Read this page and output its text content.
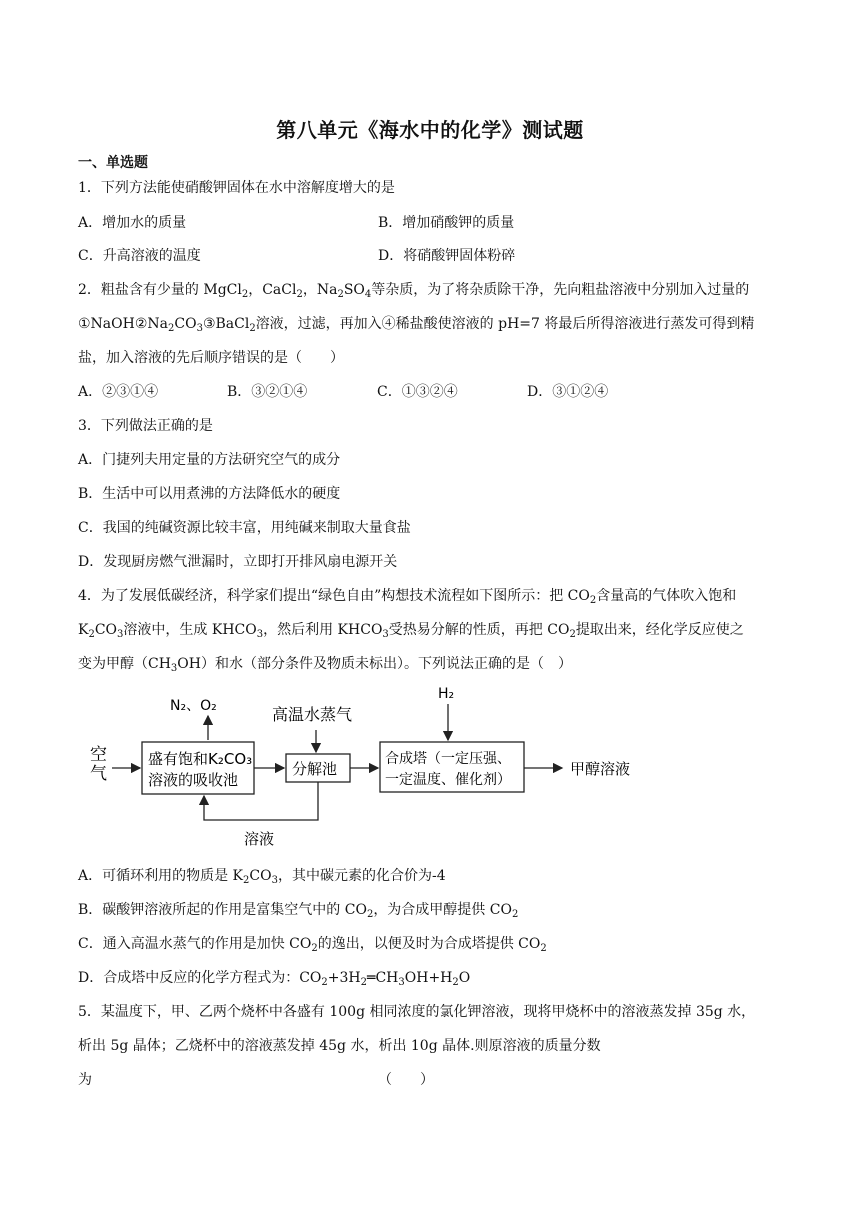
第八单元《海水中的化学》测试题
一、单选题
1．下列方法能使硝酸钾固体在水中溶解度增大的是
A．增加水的质量	B．增加硝酸钾的质量
C．升高溶液的温度	D．将硝酸钾固体粉碎
2．粗盐含有少量的 MgCl$_2$，CaCl$_2$，$Na_2SO_4$等杂质，为了将杂质除干净，先向粗盐溶液中分别加入过量的
$①NaOH②Na_2CO_3③BaCl_2$溶液，过滤，再加入④稀盐酸使溶液的 pH=7 将最后所得溶液进行蒸发可得到精
盐，加入溶液的先后顺序错误的是（　　）
A．②③①④	B．③②①④	C．①③②④	D．③①②④
3．下列做法正确的是
A．门捷列夫用定量的方法研究空气的成分
B．生活中可以用煮沸的方法降低水的硬度
C．我国的纯碱资源比较丰富，用纯碱来制取大量食盐
D．发现厨房燃气泄漏时，立即打开排风扇电源开关
4．为了发展低碳经济，科学家们提出“绿色自由”构想技术流程如下图所示：把 $CO_2$含量高的气体吹入饱和
$K_2CO_3$溶液中，生成 $KHCO_3$，然后利用 $KHCO_3$受热易分解的性质，再把 $CO_2$提取出来，经化学反应使之
变为甲醇$(CH_3OH)$和水（部分条件及物质未标出）。下列说法正确的是（　）
空
气
盛有饱和K₂CO₃
溶液的吸收池
N₂、O₂	高温水蒸气
分解池
H₂
合成塔（一定压强、
一定温度、催化剂）
甲醇溶液
溶液
A．可循环利用的物质是 $K_2CO_3$，其中碳元素的化合价为-4
B．碳酸钾溶液所起的作用是富集空气中的 $CO_2$，为合成甲醇提供 $CO_2$
C．通入高温水蒸气的作用是加快 $CO_2$的逸出，以便及时为合成塔提供 $CO_2$
D．合成塔中反应的化学方程式为：$CO_2+3H_2═CH_3OH+H_2O$
5．某温度下，甲、乙两个烧杯中各盛有 100g 相同浓度的氯化钾溶液，现将甲烧杯中的溶液蒸发掉 35g 水，
析出 5g 晶体；乙烧杯中的溶液蒸发掉 45g 水，析出 10g 晶体.则原溶液的质量分数
为	（　　）
